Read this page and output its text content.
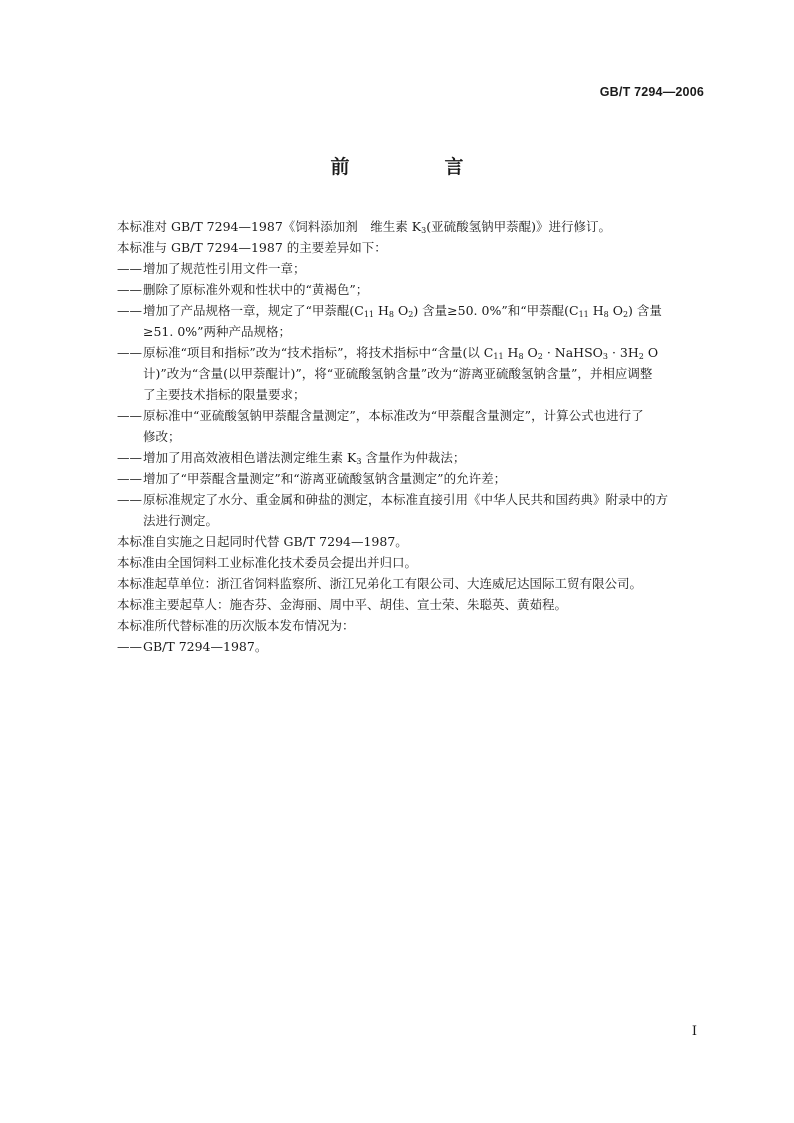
GB/T 7294—2006
前　言
本标准对 GB/T 7294—1987《饲料添加剂　维生素 $K_3$(亚硫酸氢钠甲萘醌)》进行修订。
本标准与 GB/T 7294—1987 的主要差异如下：
——增加了规范性引用文件一章；
——删除了原标准外观和性状中的“黄褐色”；
——增加了产品规格一章，规定了“甲萘醌($C_{11}$ $H_8$ $O_2$) 含量≥50. 0%”和“甲萘醌($C_{11}$ $H_8$ $O_2$) 含量
≥51. 0%”两种产品规格；
——原标准“项目和指标”改为“技术指标”，将技术指标中“含量(以 $C_{11}$ $H_8$ $O_2$ · NaHSO$_3$ · $3H_2$ O
计)”改为“含量(以甲萘醌计)”，将“亚硫酸氢钠含量”改为“游离亚硫酸氢钠含量”，并相应调整
了主要技术指标的限量要求；
——原标准中“亚硫酸氢钠甲萘醌含量测定”，本标准改为“甲萘醌含量测定”，计算公式也进行了
修改；
——增加了用高效液相色谱法测定维生素 $K_3$ 含量作为仲裁法；
——增加了“甲萘醌含量测定”和“游离亚硫酸氢钠含量测定”的允许差；
——原标准规定了水分、重金属和砷盐的测定，本标准直接引用《中华人民共和国药典》附录中的方
法进行测定。
本标准自实施之日起同时代替 GB/T 7294—1987。
本标准由全国饲料工业标准化技术委员会提出并归口。
本标准起草单位：浙江省饲料监察所、浙江兄弟化工有限公司、大连威尼达国际工贸有限公司。
本标准主要起草人：施杏芬、金海丽、周中平、胡佳、宣士荣、朱聪英、黄茹程。
本标准所代替标准的历次版本发布情况为：
——GB/T 7294—1987。
I
